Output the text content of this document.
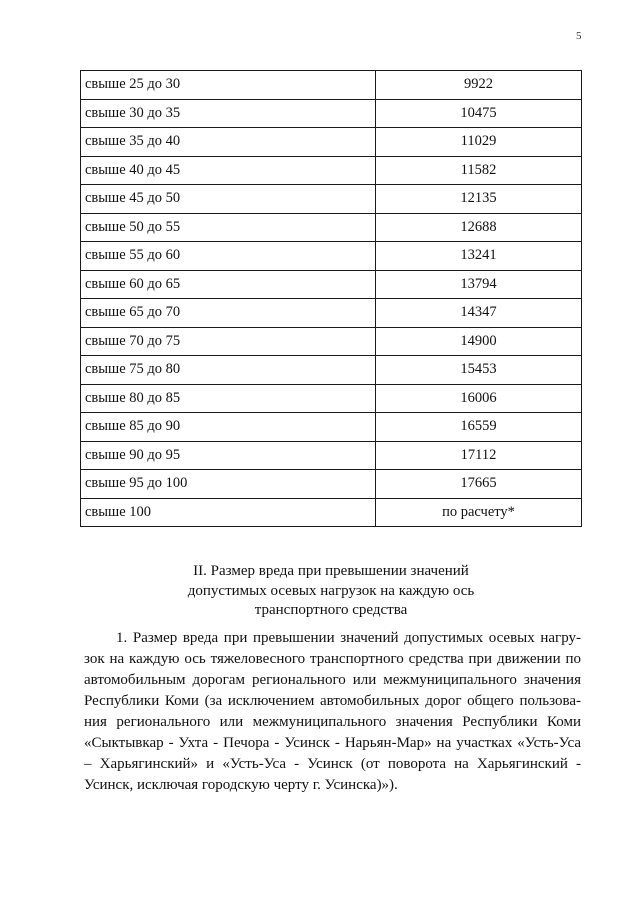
5
свыше 25 до 30	9922
свыше 30 до 35	10475
свыше 35 до 40	11029
свыше 40 до 45	11582
свыше 45 до 50	12135
свыше 50 до 55	12688
свыше 55 до 60	13241
свыше 60 до 65	13794
свыше 65 до 70	14347
свыше 70 до 75	14900
свыше 75 до 80	15453
свыше 80 до 85	16006
свыше 85 до 90	16559
свыше 90 до 95	17112
свыше 95 до 100	17665
свыше 100	по расчету*
II. Размер вреда при превышении значений
допустимых осевых нагрузок на каждую ось
транспортного средства
1. Размер вреда при превышении значений допустимых осевых нагру-
зок на каждую ось тяжеловесного транспортного средства при движении по
автомобильным дорогам регионального или межмуниципального значения
Республики Коми (за исключением автомобильных дорог общего пользова-
ния регионального или межмуниципального значения Республики Коми
«Сыктывкар - Ухта - Печора - Усинск - Нарьян-Мар» на участках «Усть-Уса
– Харьягинский» и «Усть-Уса - Усинск (от поворота на Харьягинский -
Усинск, исключая городскую черту г. Усинска)»).
